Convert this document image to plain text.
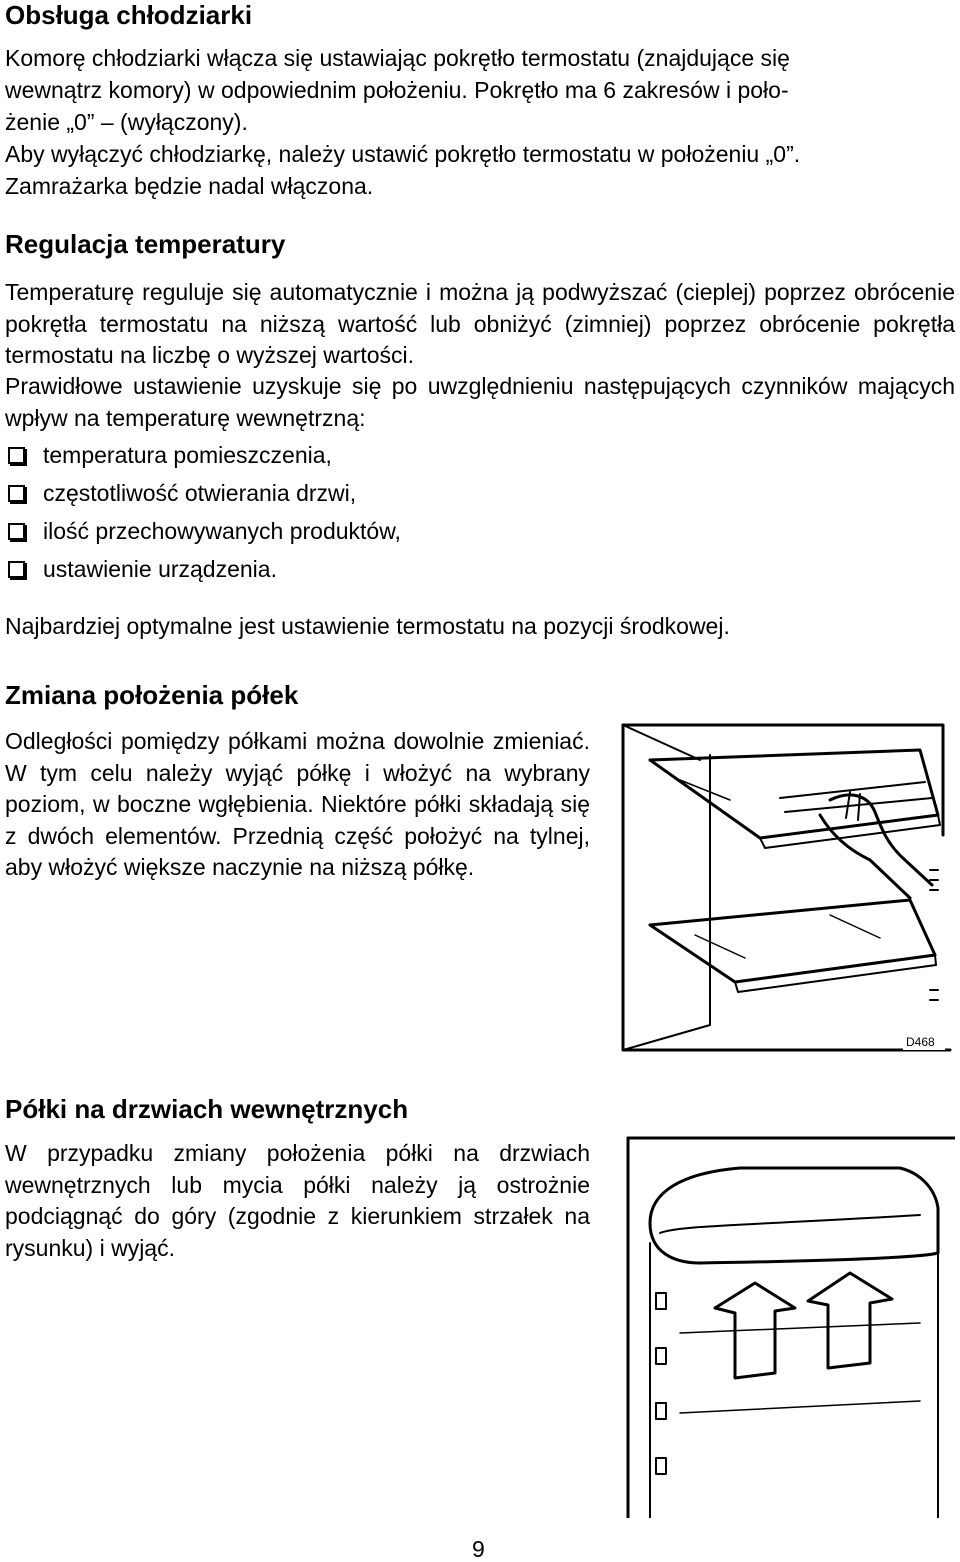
Obsługa chłodziarki
Komorę chłodziarki włącza się ustawiając pokrętło termostatu (znajdujące się
wewnątrz komory) w odpowiednim położeniu. Pokrętło ma 6 zakresów i poło-
żenie „0” – (wyłączony).
Aby wyłączyć chłodziarkę, należy ustawić pokrętło termostatu w położeniu „0”.
Zamrażarka będzie nadal włączona.
Regulacja temperatury

Temperaturę reguluje się automatycznie i można ją podwyższać (cieplej) poprzez obrócenie pokrętła termostatu na niższą wartość lub obniżyć (zimniej) poprzez obrócenie pokrętła termostatu na liczbę o wyższej wartości.

Prawidłowe ustawienie uzyskuje się po uwzględnieniu następujących czynników mających wpływ na temperaturę wewnętrzną:

temperatura pomieszczenia,
częstotliwość otwierania drzwi,
ilość przechowywanych produktów,
ustawienie urządzenia.
Najbardziej optymalne jest ustawienie termostatu na pozycji środkowej.
Zmiana położenia półek

Odległości pomiędzy półkami można dowolnie zmieniać. W tym celu należy wyjąć półkę i włożyć na wybrany poziom, w boczne wgłębienia. Niektóre półki składają się z dwóch elementów. Przednią część położyć na tylnej, aby włożyć większe naczynie na niższą półkę.

D468
Półki na drzwiach wewnętrznych

W przypadku zmiany położenia półki na drzwiach wewnętrznych lub mycia półki należy ją ostrożnie podciągnąć do góry (zgodnie z kierunkiem strzałek na rysunku) i wyjąć.

9
